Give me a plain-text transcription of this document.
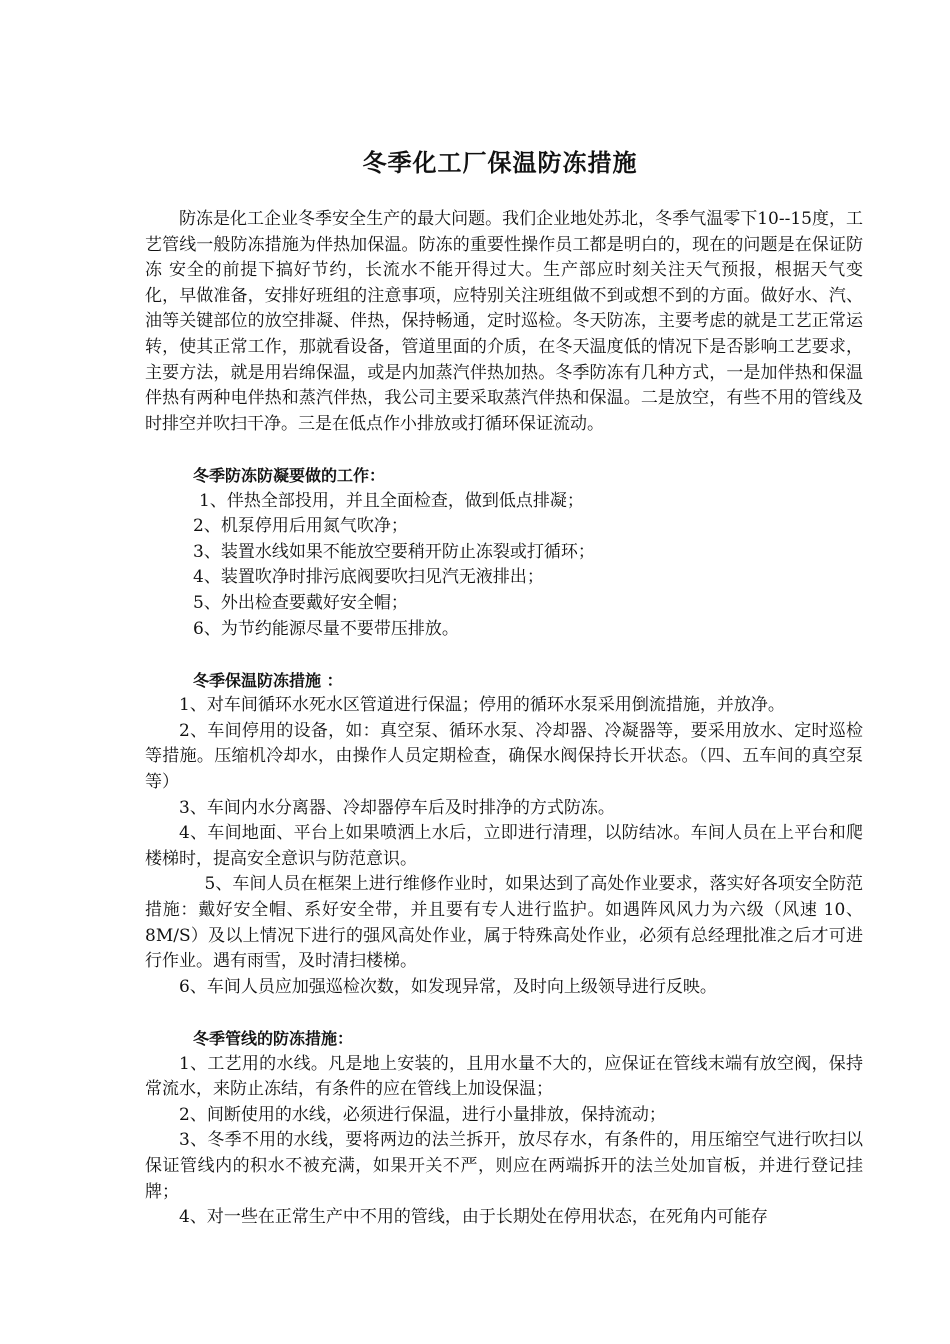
冬季化工厂保温防冻措施

防冻是化工企业冬季安全生产的最大问题。我们企业地处苏北，冬季气温零下10--15度，工艺管线一般防冻措施为伴热加保温。防冻的重要性操作员工都是明白的，现在的问题是在保证防冻 安全的前提下搞好节约，长流水不能开得过大。生产部应时刻关注天气预报，根据天气变化，早做准备，安排好班组的注意事项，应特别关注班组做不到或想不到的方面。做好水、汽、油等关键部位的放空排凝、伴热，保持畅通，定时巡检。冬天防冻，主要考虑的就是工艺正常运转，使其正常工作，那就看设备，管道里面的介质，在冬天温度低的情况下是否影响工艺要求，主要方法，就是用岩绵保温，或是内加蒸汽伴热加热。冬季防冻有几种方式，一是加伴热和保温伴热有两种电伴热和蒸汽伴热，我公司主要采取蒸汽伴热和保温。二是放空，有些不用的管线及时排空并吹扫干净。三是在低点作小排放或打循环保证流动。

冬季防冻防凝要做的工作：

1、伴热全部投用，并且全面检查，做到低点排凝；

2、机泵停用后用氮气吹净；

3、装置水线如果不能放空要稍开防止冻裂或打循环；

4、装置吹净时排污底阀要吹扫见汽无液排出；

5、外出检查要戴好安全帽；

6、为节约能源尽量不要带压排放。

冬季保温防冻措施 ：

1、对车间循环水死水区管道进行保温；停用的循环水泵采用倒流措施，并放净。

2、车间停用的设备，如：真空泵、循环水泵、冷却器、冷凝器等，要采用放水、定时巡检等措施。压缩机冷却水，由操作人员定期检查，确保水阀保持长开状态。（四、五车间的真空泵等）

3、车间内水分离器、冷却器停车后及时排净的方式防冻。

4、车间地面、平台上如果喷洒上水后，立即进行清理，以防结冰。车间人员在上平台和爬楼梯时，提高安全意识与防范意识。

5、车间人员在框架上进行维修作业时，如果达到了高处作业要求，落实好各项安全防范措施：戴好安全帽、系好安全带，并且要有专人进行监护。如遇阵风风力为六级（风速 10、8M/S）及以上情况下进行的强风高处作业，属于特殊高处作业，必须有总经理批准之后才可进行作业。遇有雨雪，及时清扫楼梯。

6、车间人员应加强巡检次数，如发现异常，及时向上级领导进行反映。

冬季管线的防冻措施：

1、工艺用的水线。凡是地上安装的，且用水量不大的，应保证在管线末端有放空阀，保持常流水，来防止冻结，有条件的应在管线上加设保温；

2、间断使用的水线，必须进行保温，进行小量排放，保持流动；

3、冬季不用的水线，要将两边的法兰拆开，放尽存水，有条件的，用压缩空气进行吹扫以保证管线内的积水不被充满，如果开关不严，则应在两端拆开的法兰处加盲板，并进行登记挂牌；

4、对一些在正常生产中不用的管线，由于长期处在停用状态，在死角内可能存
